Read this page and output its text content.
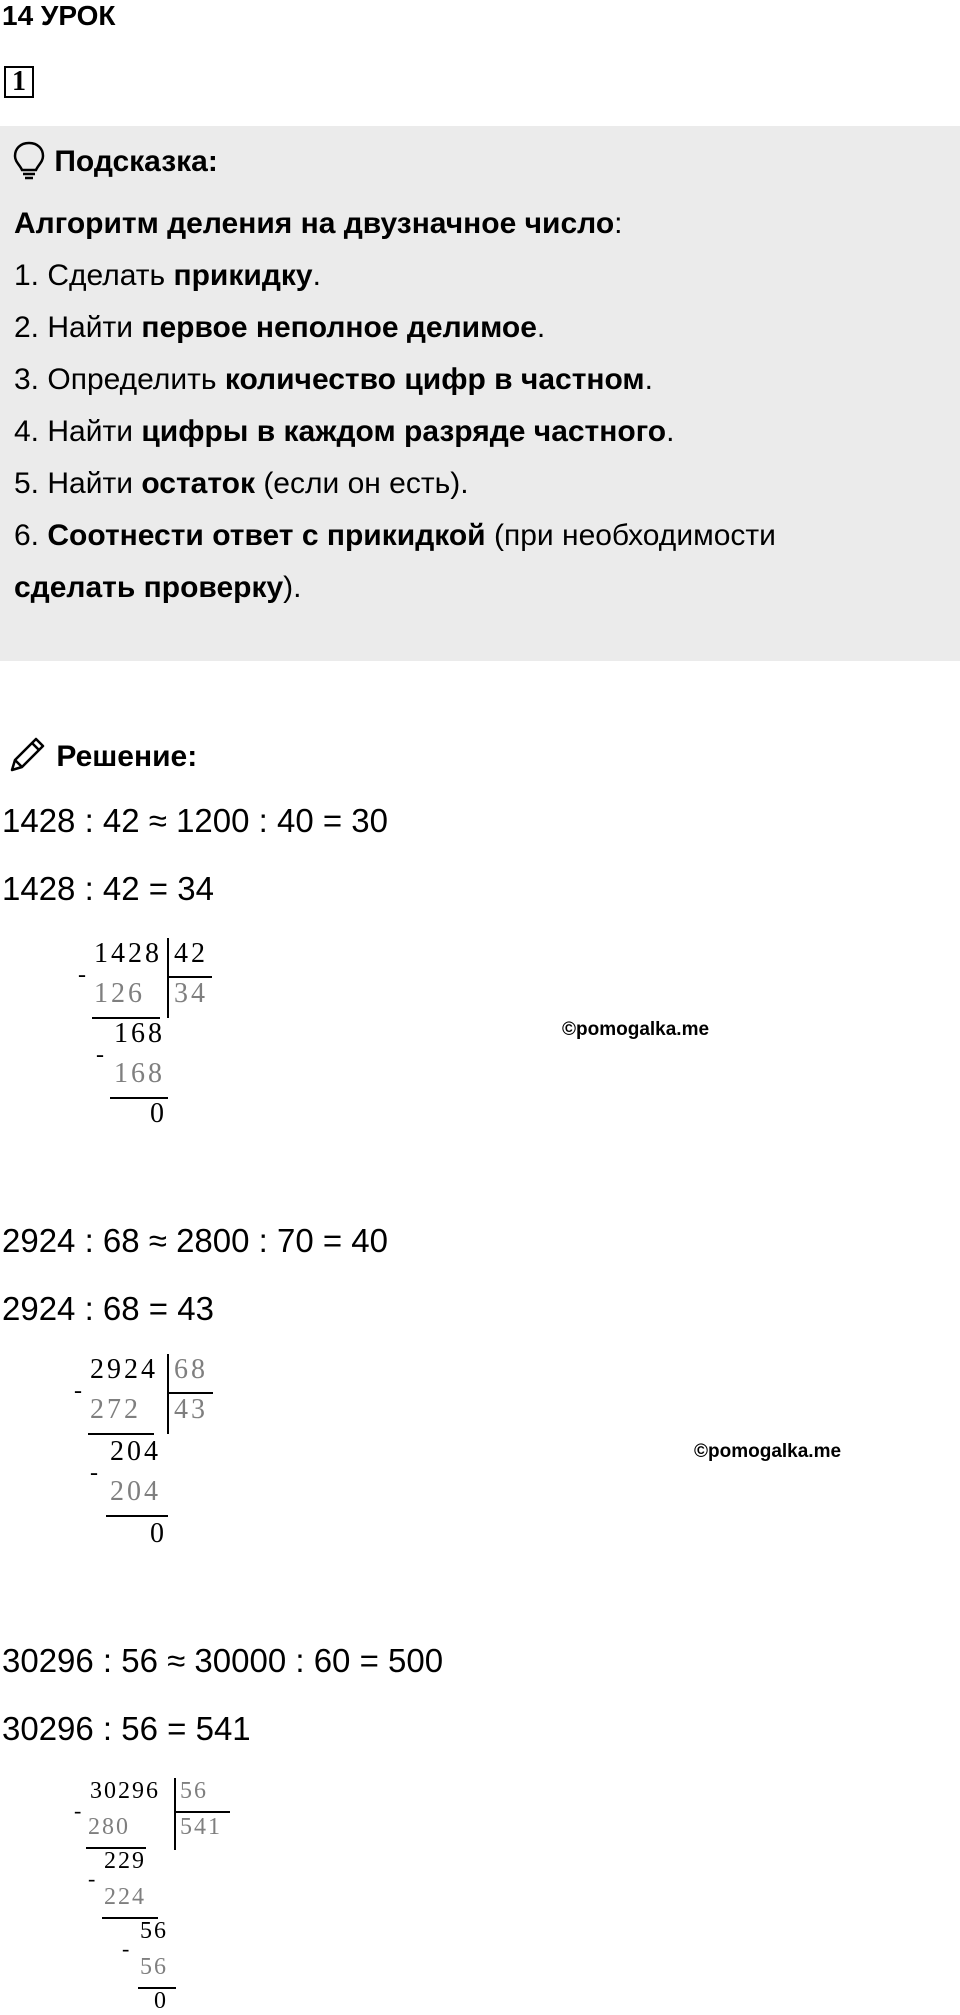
14 УРОК
1
Подсказка:
Алгоритм деления на двузначное число:
1. Сделать прикидку.
2. Найти первое неполное делимое.
3. Определить количество цифр в частном.
4. Найти цифры в каждом разряде частного.
5. Найти остаток (если он есть).
6. Соотнести ответ с прикидкой (при необходимости
сделать проверку).
Решение:
1428 : 42 ≈ 1200 : 40 = 30
1428 : 42 = 34
1428 42
-
126 34
168
-
168
0
©pomogalka.me
2924 : 68 ≈ 2800 : 70 = 40
2924 : 68 = 43
2924 68
-
272 43
204
-
204
0
©pomogalka.me
30296 : 56 ≈ 30000 : 60 = 500
30296 : 56 = 541
30296 56
-
280 541
229
-
224
56
-
56
0
